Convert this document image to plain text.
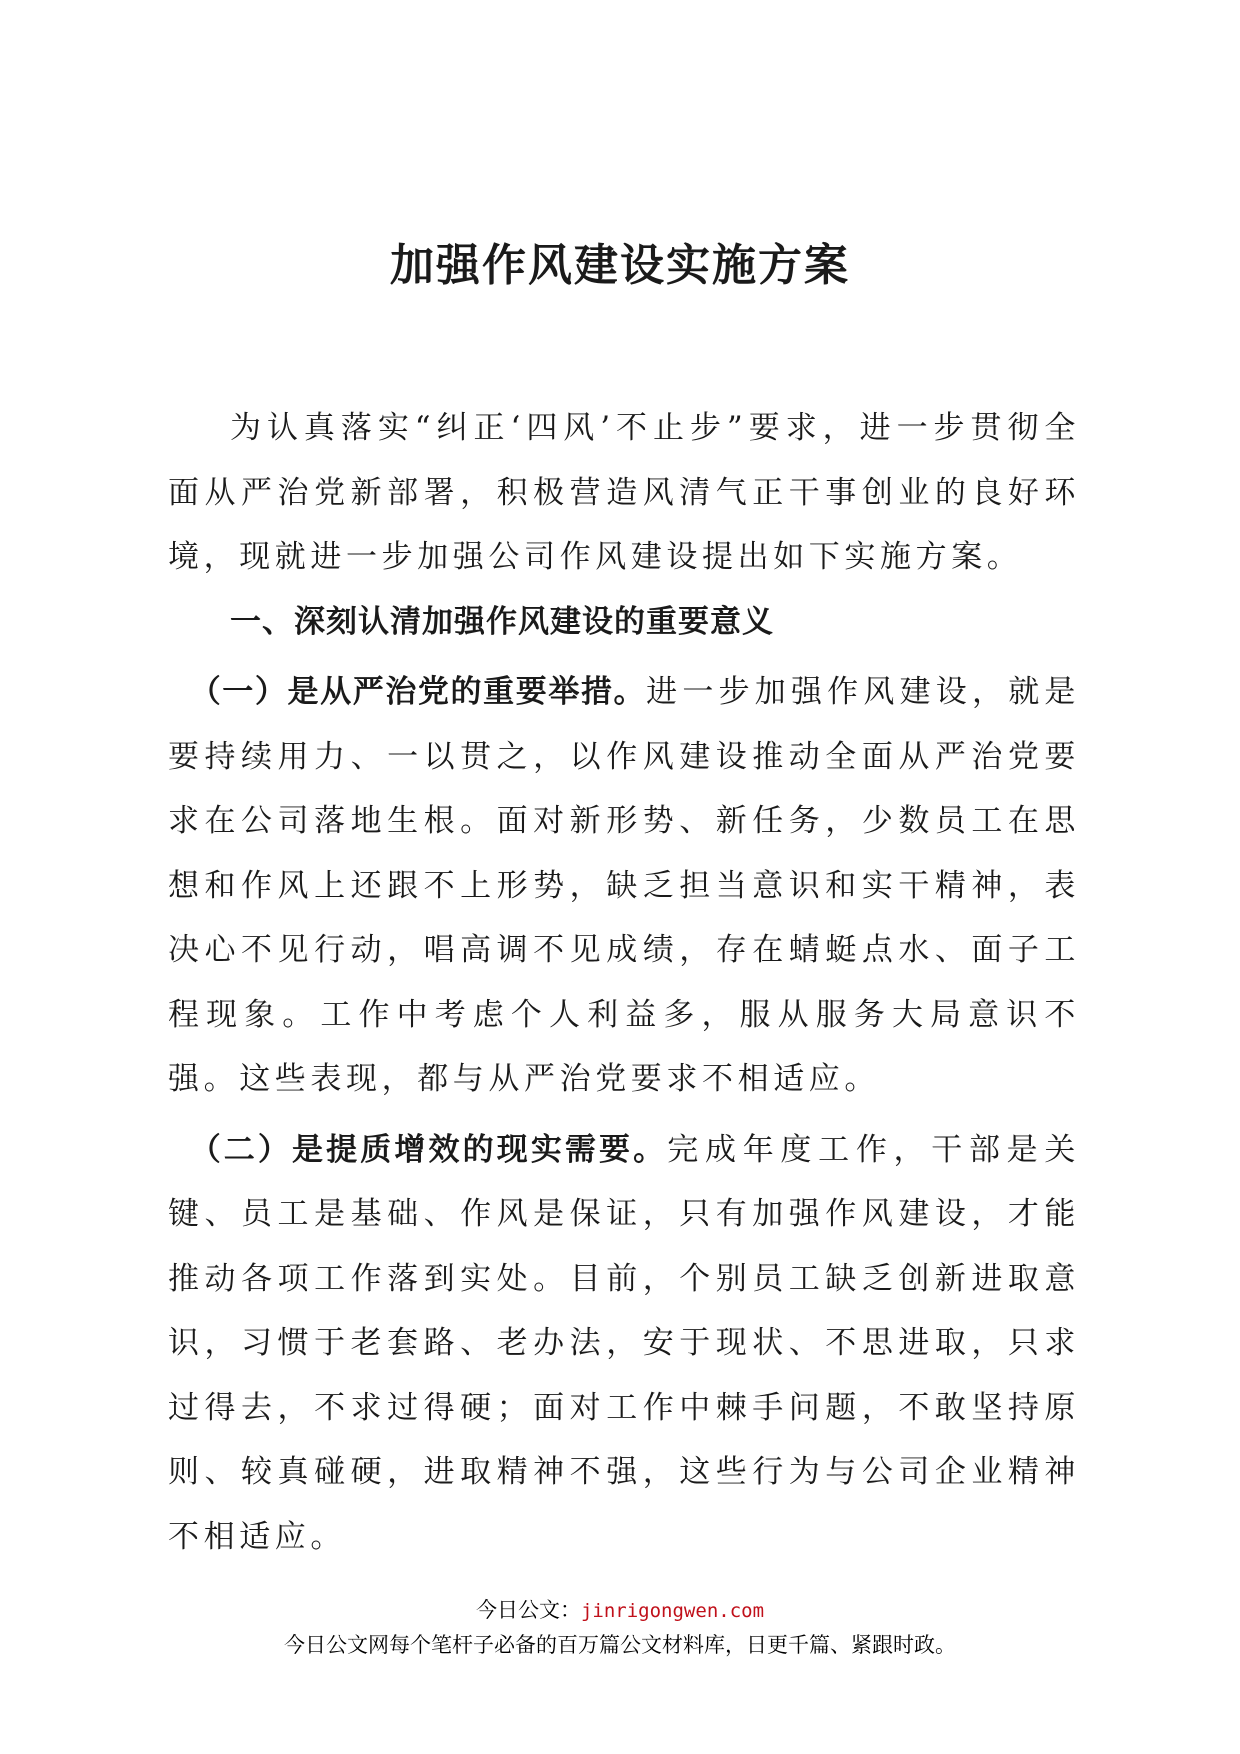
加强作风建设实施方案

为认真落实“纠正‘四风’不止步”要求，进一步贯彻全面从严治党新部署，积极营造风清气正干事创业的良好环境，现就进一步加强公司作风建设提出如下实施方案。

一、深刻认清加强作风建设的重要意义

（一）是从严治党的重要举措。进一步加强作风建设，就是要持续用力、一以贯之，以作风建设推动全面从严治党要求在公司落地生根。面对新形势、新任务，少数员工在思想和作风上还跟不上形势，缺乏担当意识和实干精神，表决心不见行动，唱高调不见成绩，存在蜻蜓点水、面子工程现象。工作中考虑个人利益多，服从服务大局意识不强。这些表现，都与从严治党要求不相适应。

（二）是提质增效的现实需要。完成年度工作，干部是关键、员工是基础、作风是保证，只有加强作风建设，才能推动各项工作落到实处。目前，个别员工缺乏创新进取意识，习惯于老套路、老办法，安于现状、不思进取，只求过得去，不求过得硬；面对工作中棘手问题，不敢坚持原则、较真碰硬，进取精神不强，这些行为与公司企业精神不相适应。

今日公文：jinrigongwen.com
今日公文网每个笔杆子必备的百万篇公文材料库，日更千篇、紧跟时政。
